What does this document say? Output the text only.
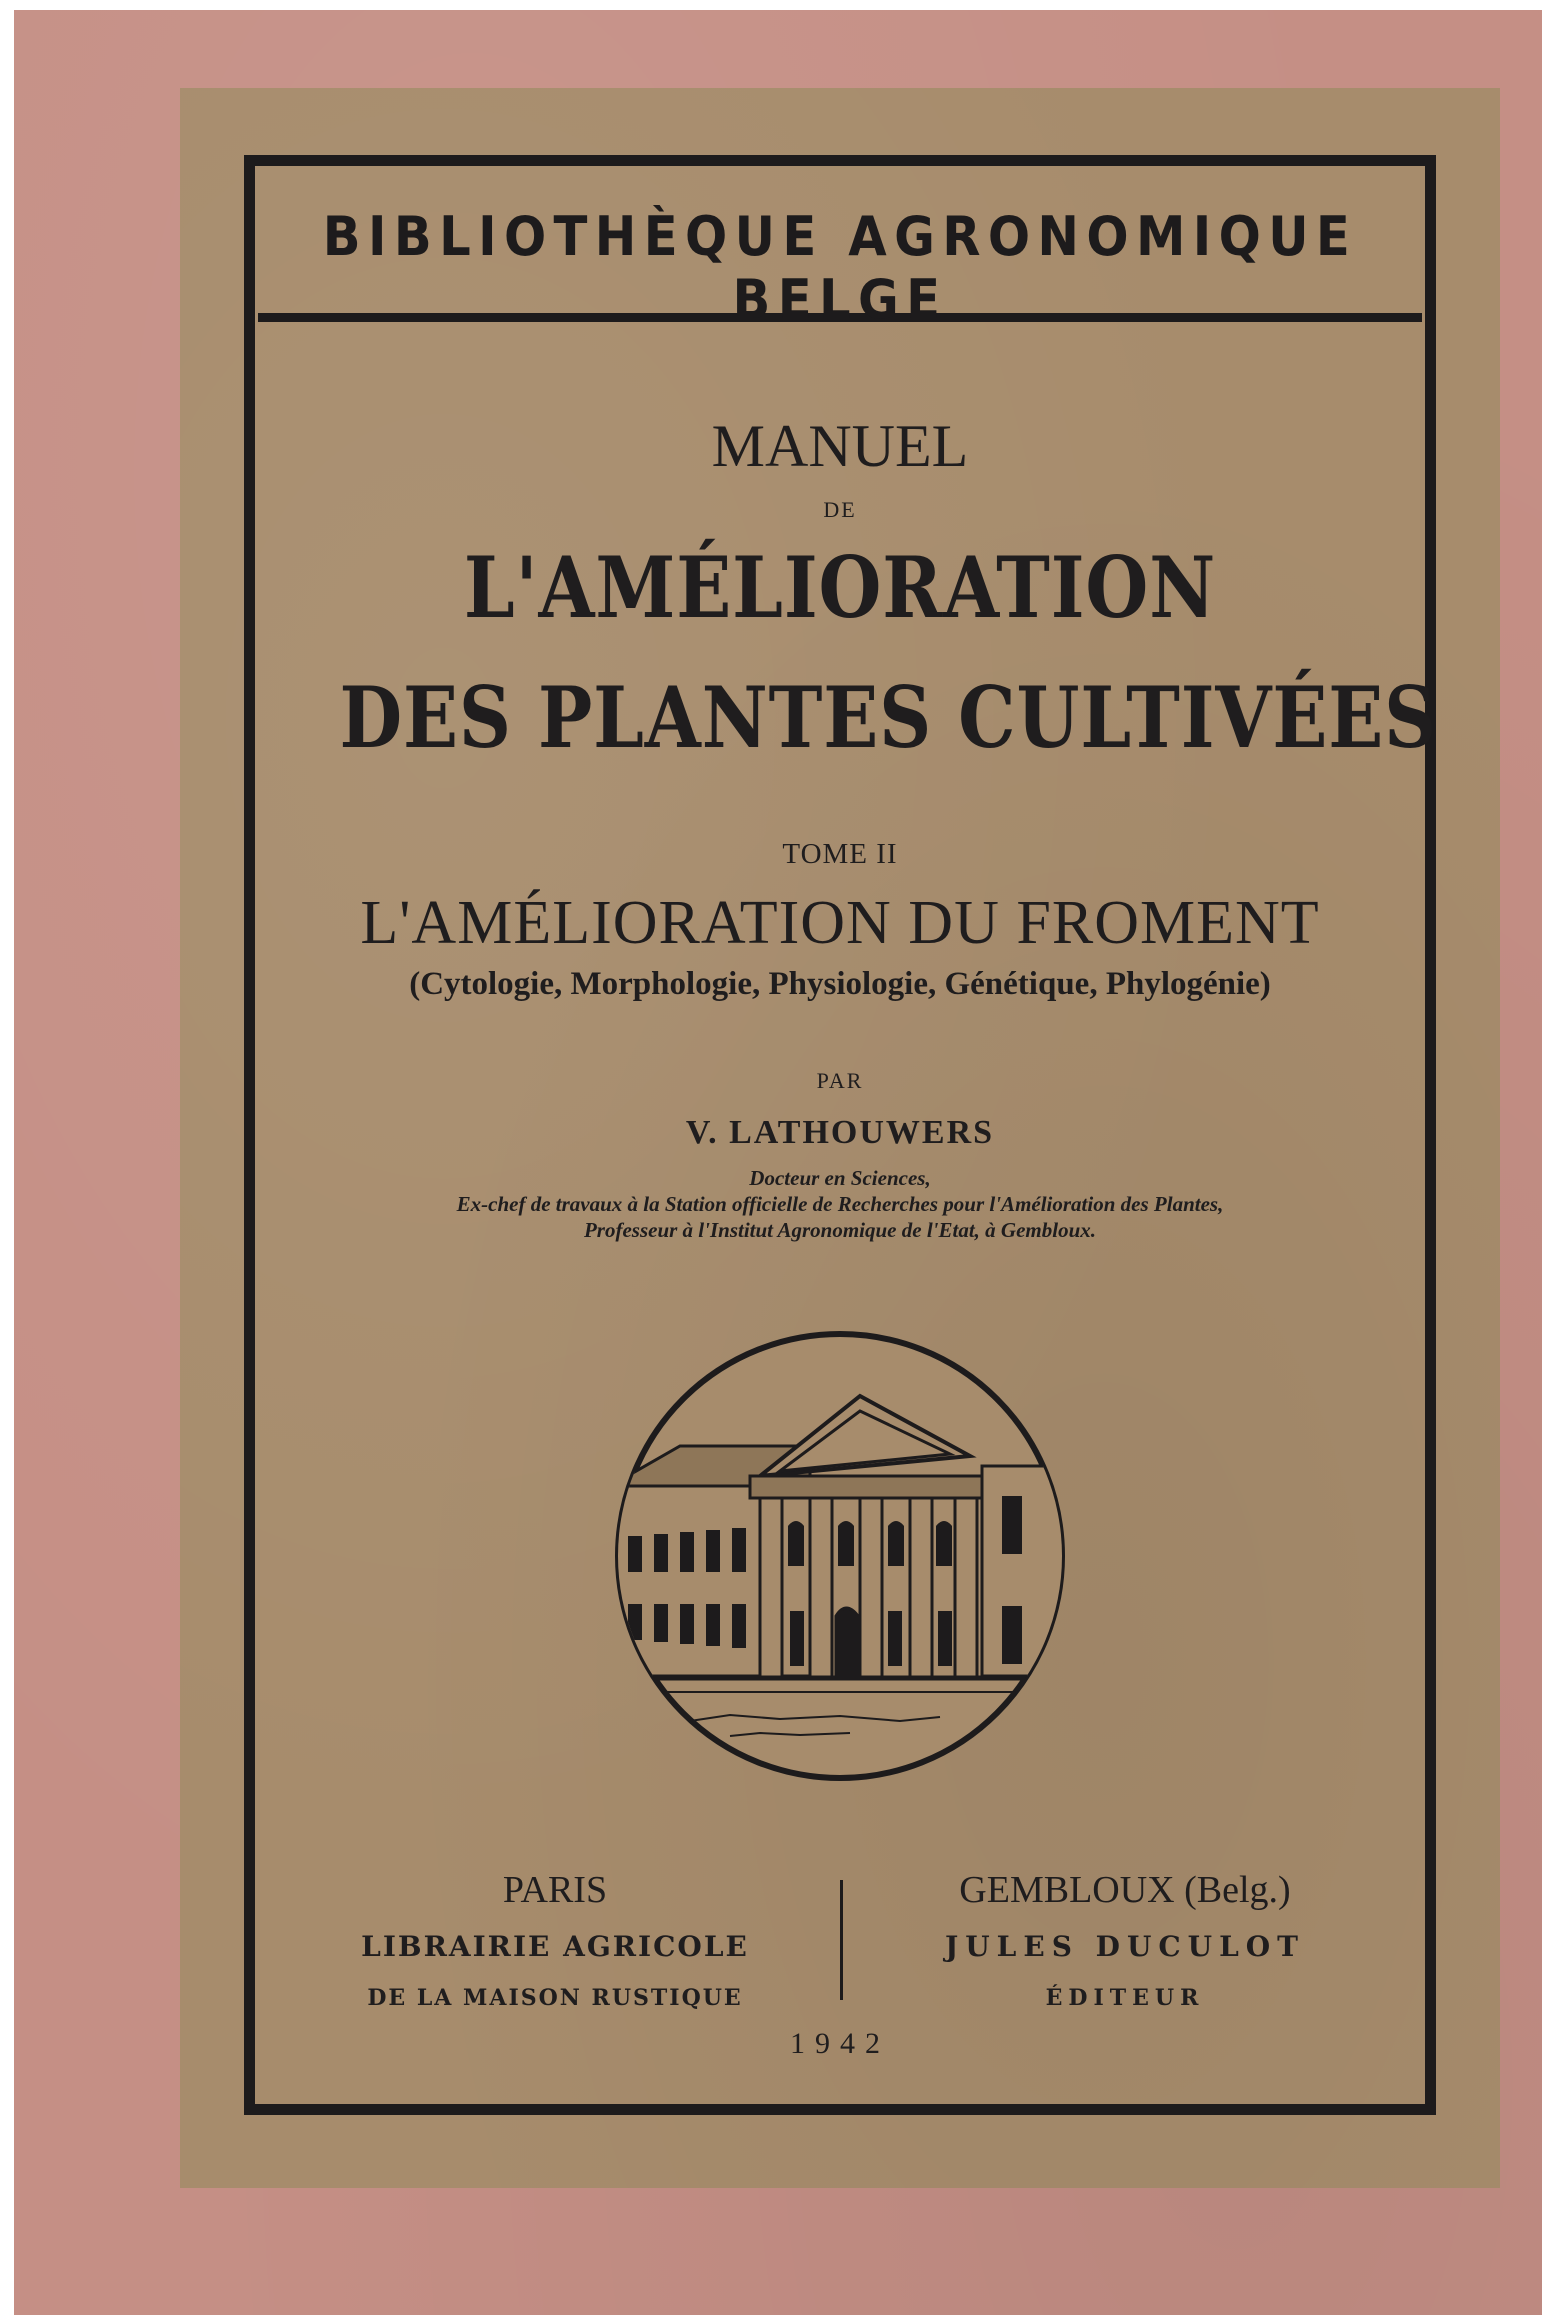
BIBLIOTHÈQUE AGRONOMIQUE BELGE
MANUEL
DE
L'AMÉLIORATION
DES PLANTES CULTIVÉES
TOME II
L'AMÉLIORATION DU FROMENT
(Cytologie, Morphologie, Physiologie, Génétique, Phylogénie)
PAR
V. LATHOUWERS
Docteur en Sciences,
Ex-chef de travaux à la Station officielle de Recherches pour l'Amélioration des Plantes,
Professeur à l'Institut Agronomique de l'Etat, à Gembloux.
PARIS
LIBRAIRIE AGRICOLE
DE LA MAISON RUSTIQUE
GEMBLOUX (Belg.)
JULES DUCULOT
ÉDITEUR
1942
